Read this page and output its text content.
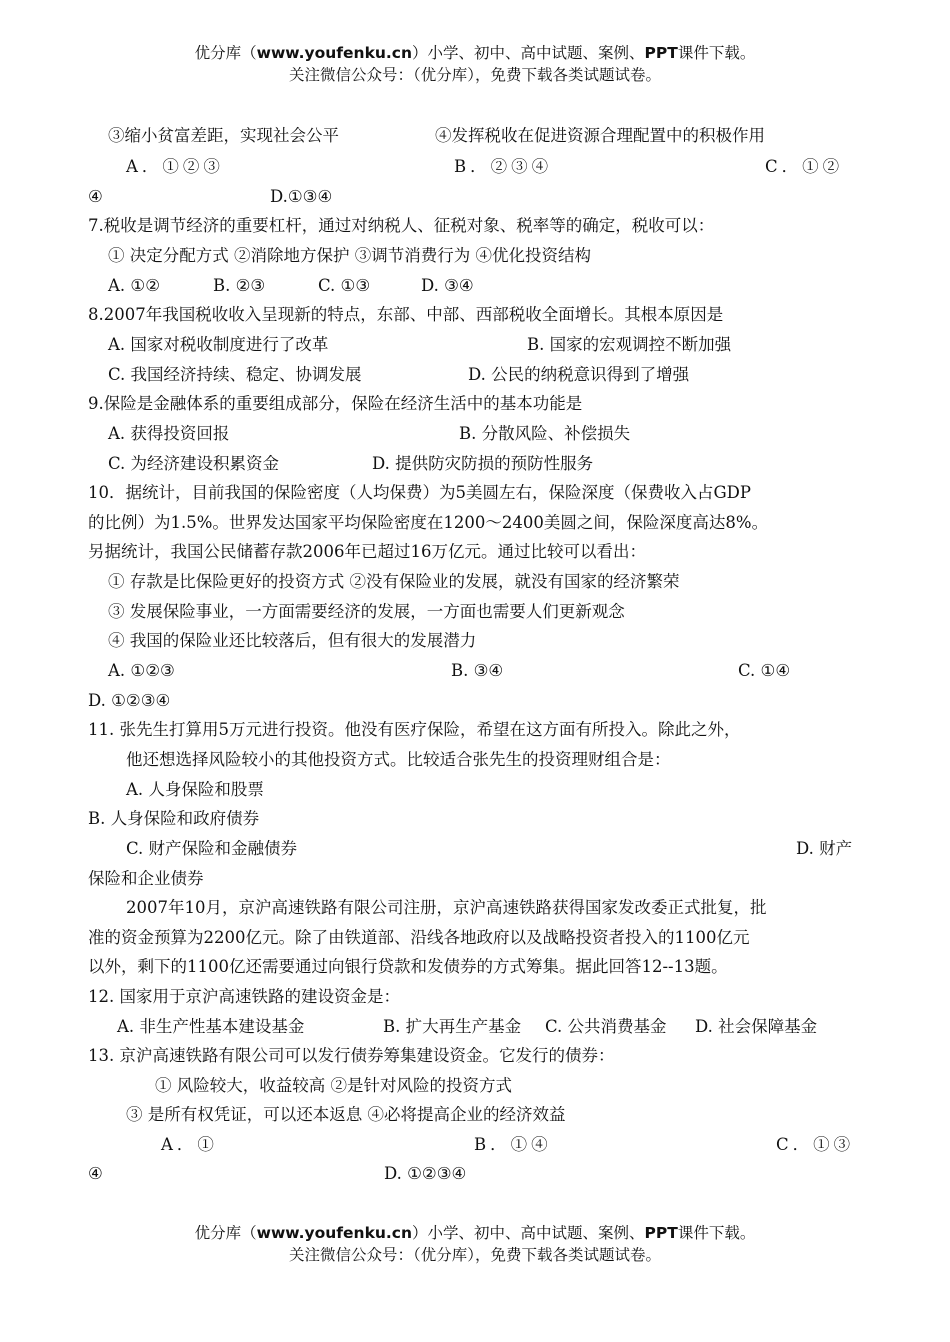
优分库（www.youfenku.cn）小学、初中、高中试题、案例、PPT课件下载。
关注微信公众号：（优分库），免费下载各类试题试卷。
③缩小贫富差距，实现社会公平	④发挥税收在促进资源合理配置中的积极作用
A．①②③	B．②③④	C．①②
④	D.①③④
7.税收是调节经济的重要杠杆，通过对纳税人、征税对象、税率等的确定，税收可以：
① 决定分配方式 ②消除地方保护 ③调节消费行为 ④优化投资结构
A. ①②	B. ②③	C. ①③	D. ③④
8.2007年我国税收收入呈现新的特点，东部、中部、西部税收全面增长。其根本原因是
A. 国家对税收制度进行了改革	B. 国家的宏观调控不断加强
C. 我国经济持续、稳定、协调发展	D. 公民的纳税意识得到了增强
9.保险是金融体系的重要组成部分，保险在经济生活中的基本功能是
A. 获得投资回报	B. 分散风险、补偿损失
C. 为经济建设积累资金	D. 提供防灾防损的预防性服务
10．据统计，目前我国的保险密度（人均保费）为5美圆左右，保险深度（保费收入占GDP
的比例）为1.5%。世界发达国家平均保险密度在1200～2400美圆之间，保险深度高达8%。
另据统计，我国公民储蓄存款2006年已超过16万亿元。通过比较可以看出：
① 存款是比保险更好的投资方式 ②没有保险业的发展，就没有国家的经济繁荣
③ 发展保险事业，一方面需要经济的发展，一方面也需要人们更新观念
④ 我国的保险业还比较落后，但有很大的发展潜力
A. ①②③	B. ③④	C. ①④
D. ①②③④
11. 张先生打算用5万元进行投资。他没有医疗保险，希望在这方面有所投入。除此之外，
他还想选择风险较小的其他投资方式。比较适合张先生的投资理财组合是：
A. 人身保险和股票
B. 人身保险和政府债券
C. 财产保险和金融债券	D. 财产
保险和企业债券
2007年10月，京沪高速铁路有限公司注册，京沪高速铁路获得国家发改委正式批复，批
准的资金预算为2200亿元。除了由铁道部、沿线各地政府以及战略投资者投入的1100亿元
以外，剩下的1100亿还需要通过向银行贷款和发债券的方式筹集。据此回答12--13题。
12. 国家用于京沪高速铁路的建设资金是：
A. 非生产性基本建设基金	B. 扩大再生产基金 C. 公共消费基金 D. 社会保障基金
13. 京沪高速铁路有限公司可以发行债券筹集建设资金。它发行的债券：
① 风险较大，收益较高 ②是针对风险的投资方式
③ 是所有权凭证，可以还本返息 ④必将提高企业的经济效益
A．①	B．①④	C．①③
④	D. ①②③④
优分库（www.youfenku.cn）小学、初中、高中试题、案例、PPT课件下载。
关注微信公众号：（优分库），免费下载各类试题试卷。
